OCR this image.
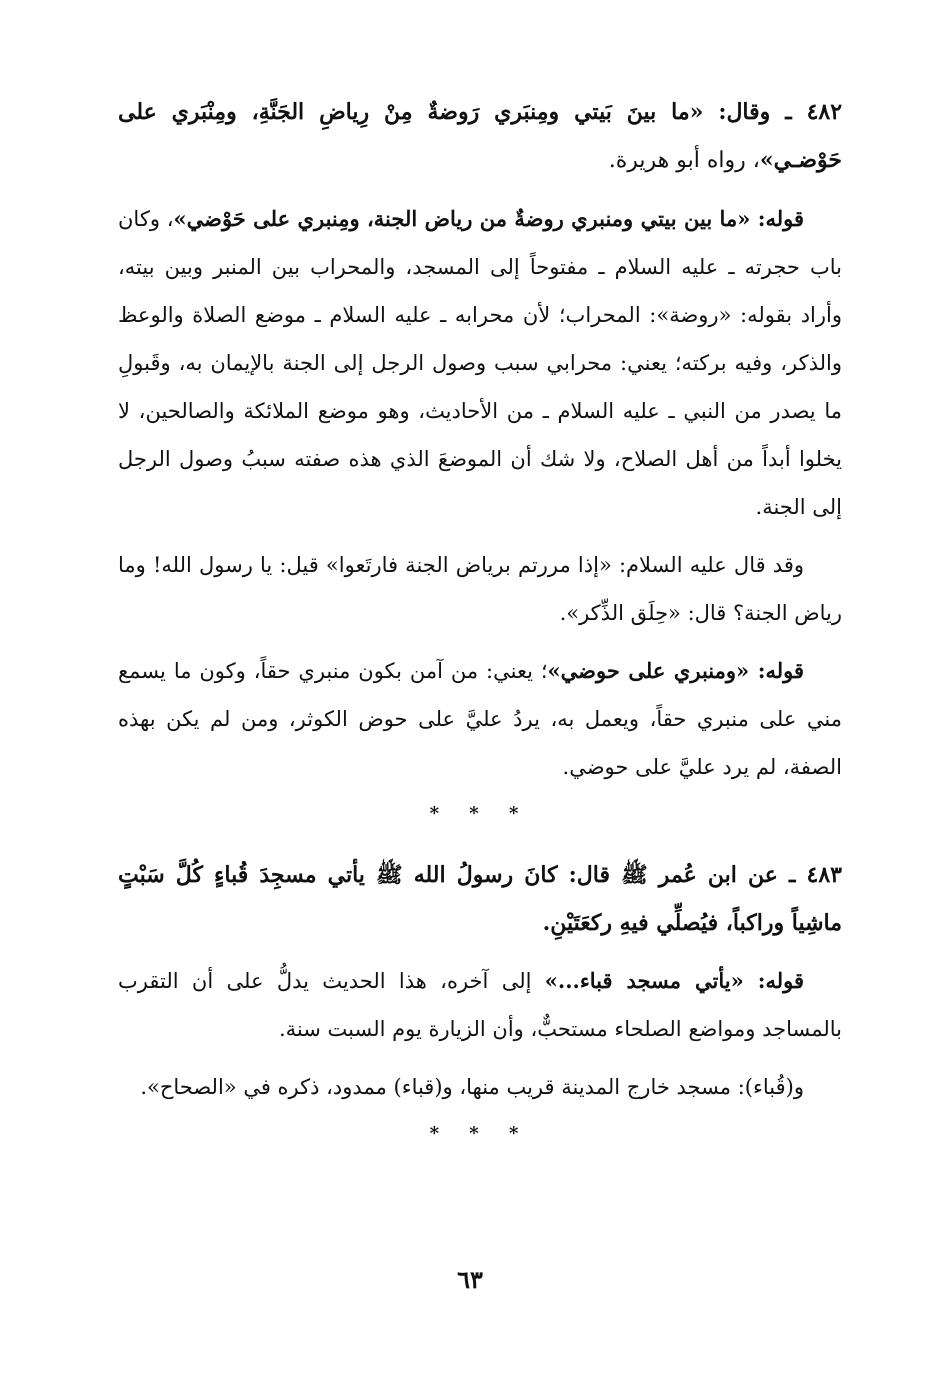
٤٨٢ ـ وقال: «ما بينَ بَيتي ومِنبَري رَوضةٌ مِنْ رِياضِ الجَنَّةِ، ومِنْبَري على حَوْضـي»، رواه أبو هريرة.

قوله: «ما بين بيتي ومنبري روضةٌ من رياض الجنة، ومِنبري على حَوْضي»، وكان باب حجرته ـ عليه السلام ـ مفتوحاً إلى المسجد، والمحراب بين المنبر وبين بيته، وأراد بقوله: «روضة»: المحراب؛ لأن محرابه ـ عليه السلام ـ موضع الصلاة والوعظ والذكر، وفيه بركته؛ يعني: محرابي سبب وصول الرجل إلى الجنة بالإيمان به، وقَبولِ ما يصدر من النبي ـ عليه السلام ـ من الأحاديث، وهو موضع الملائكة والصالحين، لا يخلوا أبداً من أهل الصلاح، ولا شك أن الموضعَ الذي هذه صفته سببُ وصول الرجل إلى الجنة.

وقد قال عليه السلام: «إذا مررتم برياض الجنة فارتَعوا» قيل: يا رسول الله! وما رياض الجنة؟ قال: «حِلَق الذِّكر».

قوله: «ومنبري على حوضي»؛ يعني: من آمن بكون منبري حقاً، وكون ما يسمع مني على منبري حقاً، ويعمل به، يردُ عليَّ على حوض الكوثر، ومن لم يكن بهذه الصفة، لم يرد عليَّ على حوضي.

* * *

٤٨٣ ـ عن ابن عُمر ﷺ قال: كانَ رسولُ الله ﷺ يأتي مسجِدَ قُباءٍ كُلَّ سَبْتٍ ماشِياً وراكباً، فيُصلِّي فيهِ ركعَتَيْنِ.

قوله: «يأتي مسجد قباء...» إلى آخره، هذا الحديث يدلُّ على أن التقرب بالمساجد ومواضع الصلحاء مستحبٌّ، وأن الزيارة يوم السبت سنة.

و(قُباء): مسجد خارج المدينة قريب منها، و(قباء) ممدود، ذكره في «الصحاح».

* * *
٦٣
